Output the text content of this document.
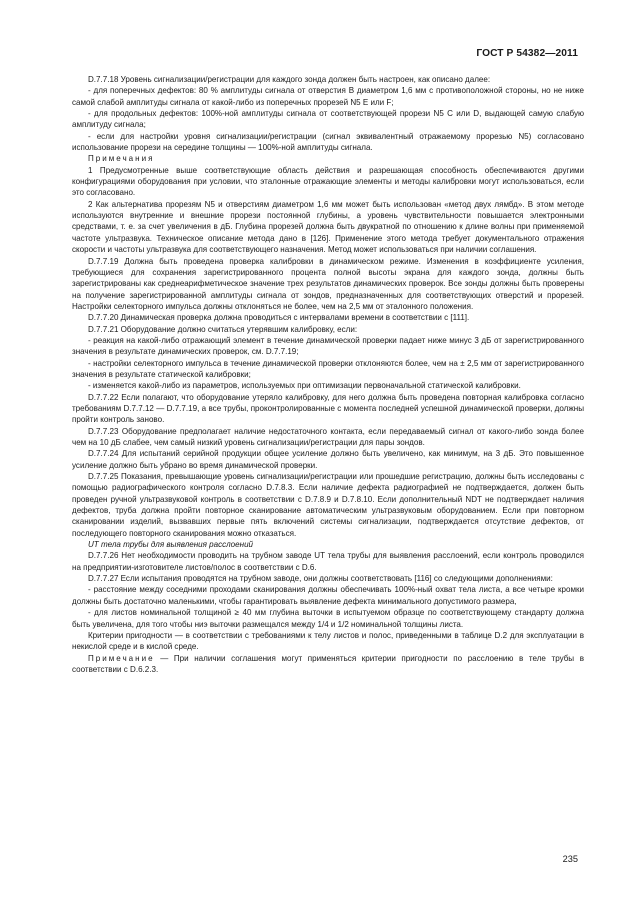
ГОСТ Р 54382—2011

D.7.7.18 Уровень сигнализации/регистрации для каждого зонда должен быть настроен, как описано далее:

- для поперечных дефектов: 80 % амплитуды сигнала от отверстия В диаметром 1,6 мм с противоположной стороны, но не ниже самой слабой амплитуды сигнала от какой-либо из поперечных прорезей N5 E или F;

- для продольных дефектов: 100%-ной амплитуды сигнала от соответствующей прорези N5 C или D, выдающей самую слабую амплитуду сигнала;

- если для настройки уровня сигнализации/регистрации (сигнал эквивалентный отражаемому прорезью N5) согласовано использование прорези на середине толщины — 100%-ной амплитуды сигнала.

Примечания

1 Предусмотренные выше соответствующие область действия и разрешающая способность обеспечиваются другими конфигурациями оборудования при условии, что эталонные отражающие элементы и методы калибровки могут использоваться, если это согласовано.

2 Как альтернатива прорезям N5 и отверстиям диаметром 1,6 мм может быть использован «метод двух лямбд». В этом методе используются внутренние и внешние прорези постоянной глубины, а уровень чувствительности повышается электронными средствами, т. е. за счет увеличения в дБ. Глубина прорезей должна быть двукратной по отношению к длине волны при применяемой частоте ультразвука. Техническое описание метода дано в [126]. Применение этого метода требует документального отражения скорости и частоты ультразвука для соответствующего назначения. Метод может использоваться при наличии соглашения.

D.7.7.19 Должна быть проведена проверка калибровки в динамическом режиме. Изменения в коэффициенте усиления, требующиеся для сохранения зарегистрированного процента полной высоты экрана для каждого зонда, должны быть зарегистрированы как среднеарифметическое значение трех результатов динамических проверок. Все зонды должны быть проверены на получение зарегистрированной амплитуды сигнала от зондов, предназначенных для соответствующих отверстий и прорезей. Настройки селекторного импульса должны отклоняться не более, чем на 2,5 мм от эталонного положения.

D.7.7.20 Динамическая проверка должна проводиться с интервалами времени в соответствии с [111].

D.7.7.21 Оборудование должно считаться утерявшим калибровку, если:

- реакция на какой-либо отражающий элемент в течение динамической проверки падает ниже минус 3 дБ от зарегистрированного значения в результате динамических проверок, см. D.7.7.19;

- настройки селекторного импульса в течение динамической проверки отклоняются более, чем на ± 2,5 мм от зарегистрированного значения в результате статической калибровки;

- изменяется какой-либо из параметров, используемых при оптимизации первоначальной статической калибровки.

D.7.7.22 Если полагают, что оборудование утеряло калибровку, для него должна быть проведена повторная калибровка согласно требованиям D.7.7.12 — D.7.7.19, а все трубы, проконтролированные с момента последней успешной динамической проверки, должны пройти контроль заново.

D.7.7.23 Оборудование предполагает наличие недостаточного контакта, если передаваемый сигнал от какого-либо зонда более чем на 10 дБ слабее, чем самый низкий уровень сигнализации/регистрации для пары зондов.

D.7.7.24 Для испытаний серийной продукции общее усиление должно быть увеличено, как минимум, на 3 дБ. Это повышенное усиление должно быть убрано во время динамической проверки.

D.7.7.25 Показания, превышающие уровень сигнализации/регистрации или прошедшие регистрацию, должны быть исследованы с помощью радиографического контроля согласно D.7.8.3. Если наличие дефекта радиографией не подтверждается, должен быть проведен ручной ультразвуковой контроль в соответствии с D.7.8.9 и D.7.8.10. Если дополнительный NDT не подтверждает наличия дефектов, труба должна пройти повторное сканирование автоматическим ультразвуковым оборудованием. Если при повторном сканировании изделий, вызвавших первые пять включений системы сигнализации, подтверждается отсутствие дефектов, от последующего повторного сканирования можно отказаться.

UT тела трубы для выявления расслоений

D.7.7.26 Нет необходимости проводить на трубном заводе UT тела трубы для выявления расслоений, если контроль проводился на предприятии-изготовителе листов/полос в соответствии с D.6.

D.7.7.27 Если испытания проводятся на трубном заводе, они должны соответствовать [116] со следующими дополнениями:

- расстояние между соседними проходами сканирования должны обеспечивать 100%-ный охват тела листа, а все четыре кромки должны быть достаточно маленькими, чтобы гарантировать выявление дефекта минимального допустимого размера,

- для листов номинальной толщиной ≥ 40 мм глубина выточки в испытуемом образце по соответствующему стандарту должна быть увеличена, для того чтобы ниэ выточки размещался между 1/4 и 1/2 номинальной толщины листа.

Критерии пригодности — в соответствии с требованиями к телу листов и полос, приведенными в таблице D.2 для эксплуатации в некислой среде и в кислой среде.

Примечание — При наличии соглашения могут применяться критерии пригодности по расслоению в теле трубы в соответствии с D.6.2.3.

235
